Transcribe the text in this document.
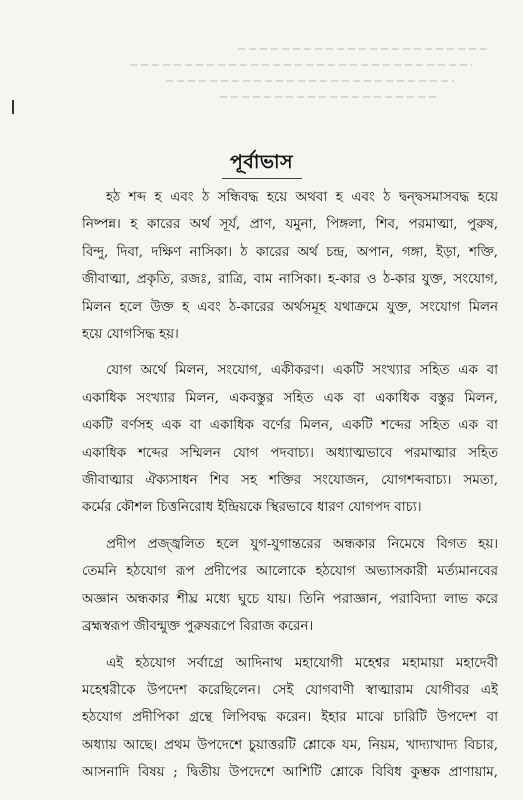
পূর্বাভাস
হঠ শব্দ হ এবং ঠ সন্ধিবদ্ধ হয়ে অথবা হ এবং ঠ দ্বন্দ্বসমাসবদ্ধ হয়ে
নিষ্পন্ন। হ কারের অর্থ সূর্য, প্রাণ, যমুনা, পিঙ্গলা, শিব, পরমাত্মা, পুরুষ,
বিন্দু, দিবা, দক্ষিণ নাসিকা। ঠ কারের অর্থ চন্দ্র, অপান, গঙ্গা, ইড়া, শক্তি,
জীবাত্মা, প্রকৃতি, রজঃ, রাত্রি, বাম নাসিকা। হ-কার ও ঠ-কার যুক্ত, সংযোগ,
মিলন হলে উক্ত হ এবং ঠ-কারের অর্থসমূহ যথাক্রমে যুক্ত, সংযোগ মিলন
হয়ে যোগসিদ্ধ হয়।
যোগ অর্থে মিলন, সংযোগ, একীকরণ। একটি সংখ্যার সহিত এক বা
একাধিক সংখ্যার মিলন, একবস্তুর সহিত এক বা একাধিক বস্তুর মিলন,
একটি বর্ণসহ এক বা একাধিক বর্ণের মিলন, একটি শব্দের সহিত এক বা
একাধিক শব্দের সম্মিলন যোগ পদবাচ্য। অধ্যাত্মভাবে পরমাত্মার সহিত
জীবাত্মার ঐক্যসাধন শিব সহ শক্তির সংযোজন, যোগশব্দবাচ্য। সমতা,
কর্মের কৌশল চিত্তনিরোধ ইন্দ্রিয়কে স্থিরভাবে ধারণ যোগপদ বাচ্য।
প্রদীপ প্রজ্জ্বলিত হলে যুগ-যুগান্তরের অন্ধকার নিমেষে বিগত হয়।
তেমনি হঠযোগ রূপ প্রদীপের আলোকে হঠযোগ অভ্যাসকারী মর্ত্যমানবের
অজ্ঞান অন্ধকার শীঘ্র মধ্যে ঘুচে যায়। তিনি পরাজ্ঞান, পরাবিদ্যা লাভ করে
ব্রহ্মস্বরূপ জীবন্মুক্ত পুরুষরূপে বিরাজ করেন।
এই হঠযোগ সর্বাগ্রে আদিনাথ মহাযোগী মহেশ্বর মহামায়া মহাদেবী
মহেশ্বরীকে উপদেশ করেছিলেন। সেই যোগবাণী স্বাত্মারাম যোগীবর এই
হঠযোগ প্রদীপিকা গ্রন্থে লিপিবদ্ধ করেন। ইহার মাঝে চারিটি উপদেশ বা
অধ্যায় আছে। প্রথম উপদেশে চুয়াত্তরটি শ্লোকে যম, নিয়ম, খাদ্যাখাদ্য বিচার,
আসনাদি বিষয় ; দ্বিতীয় উপদেশে আশিটি শ্লোকে বিবিধ কুম্ভক প্রাণায়াম,
